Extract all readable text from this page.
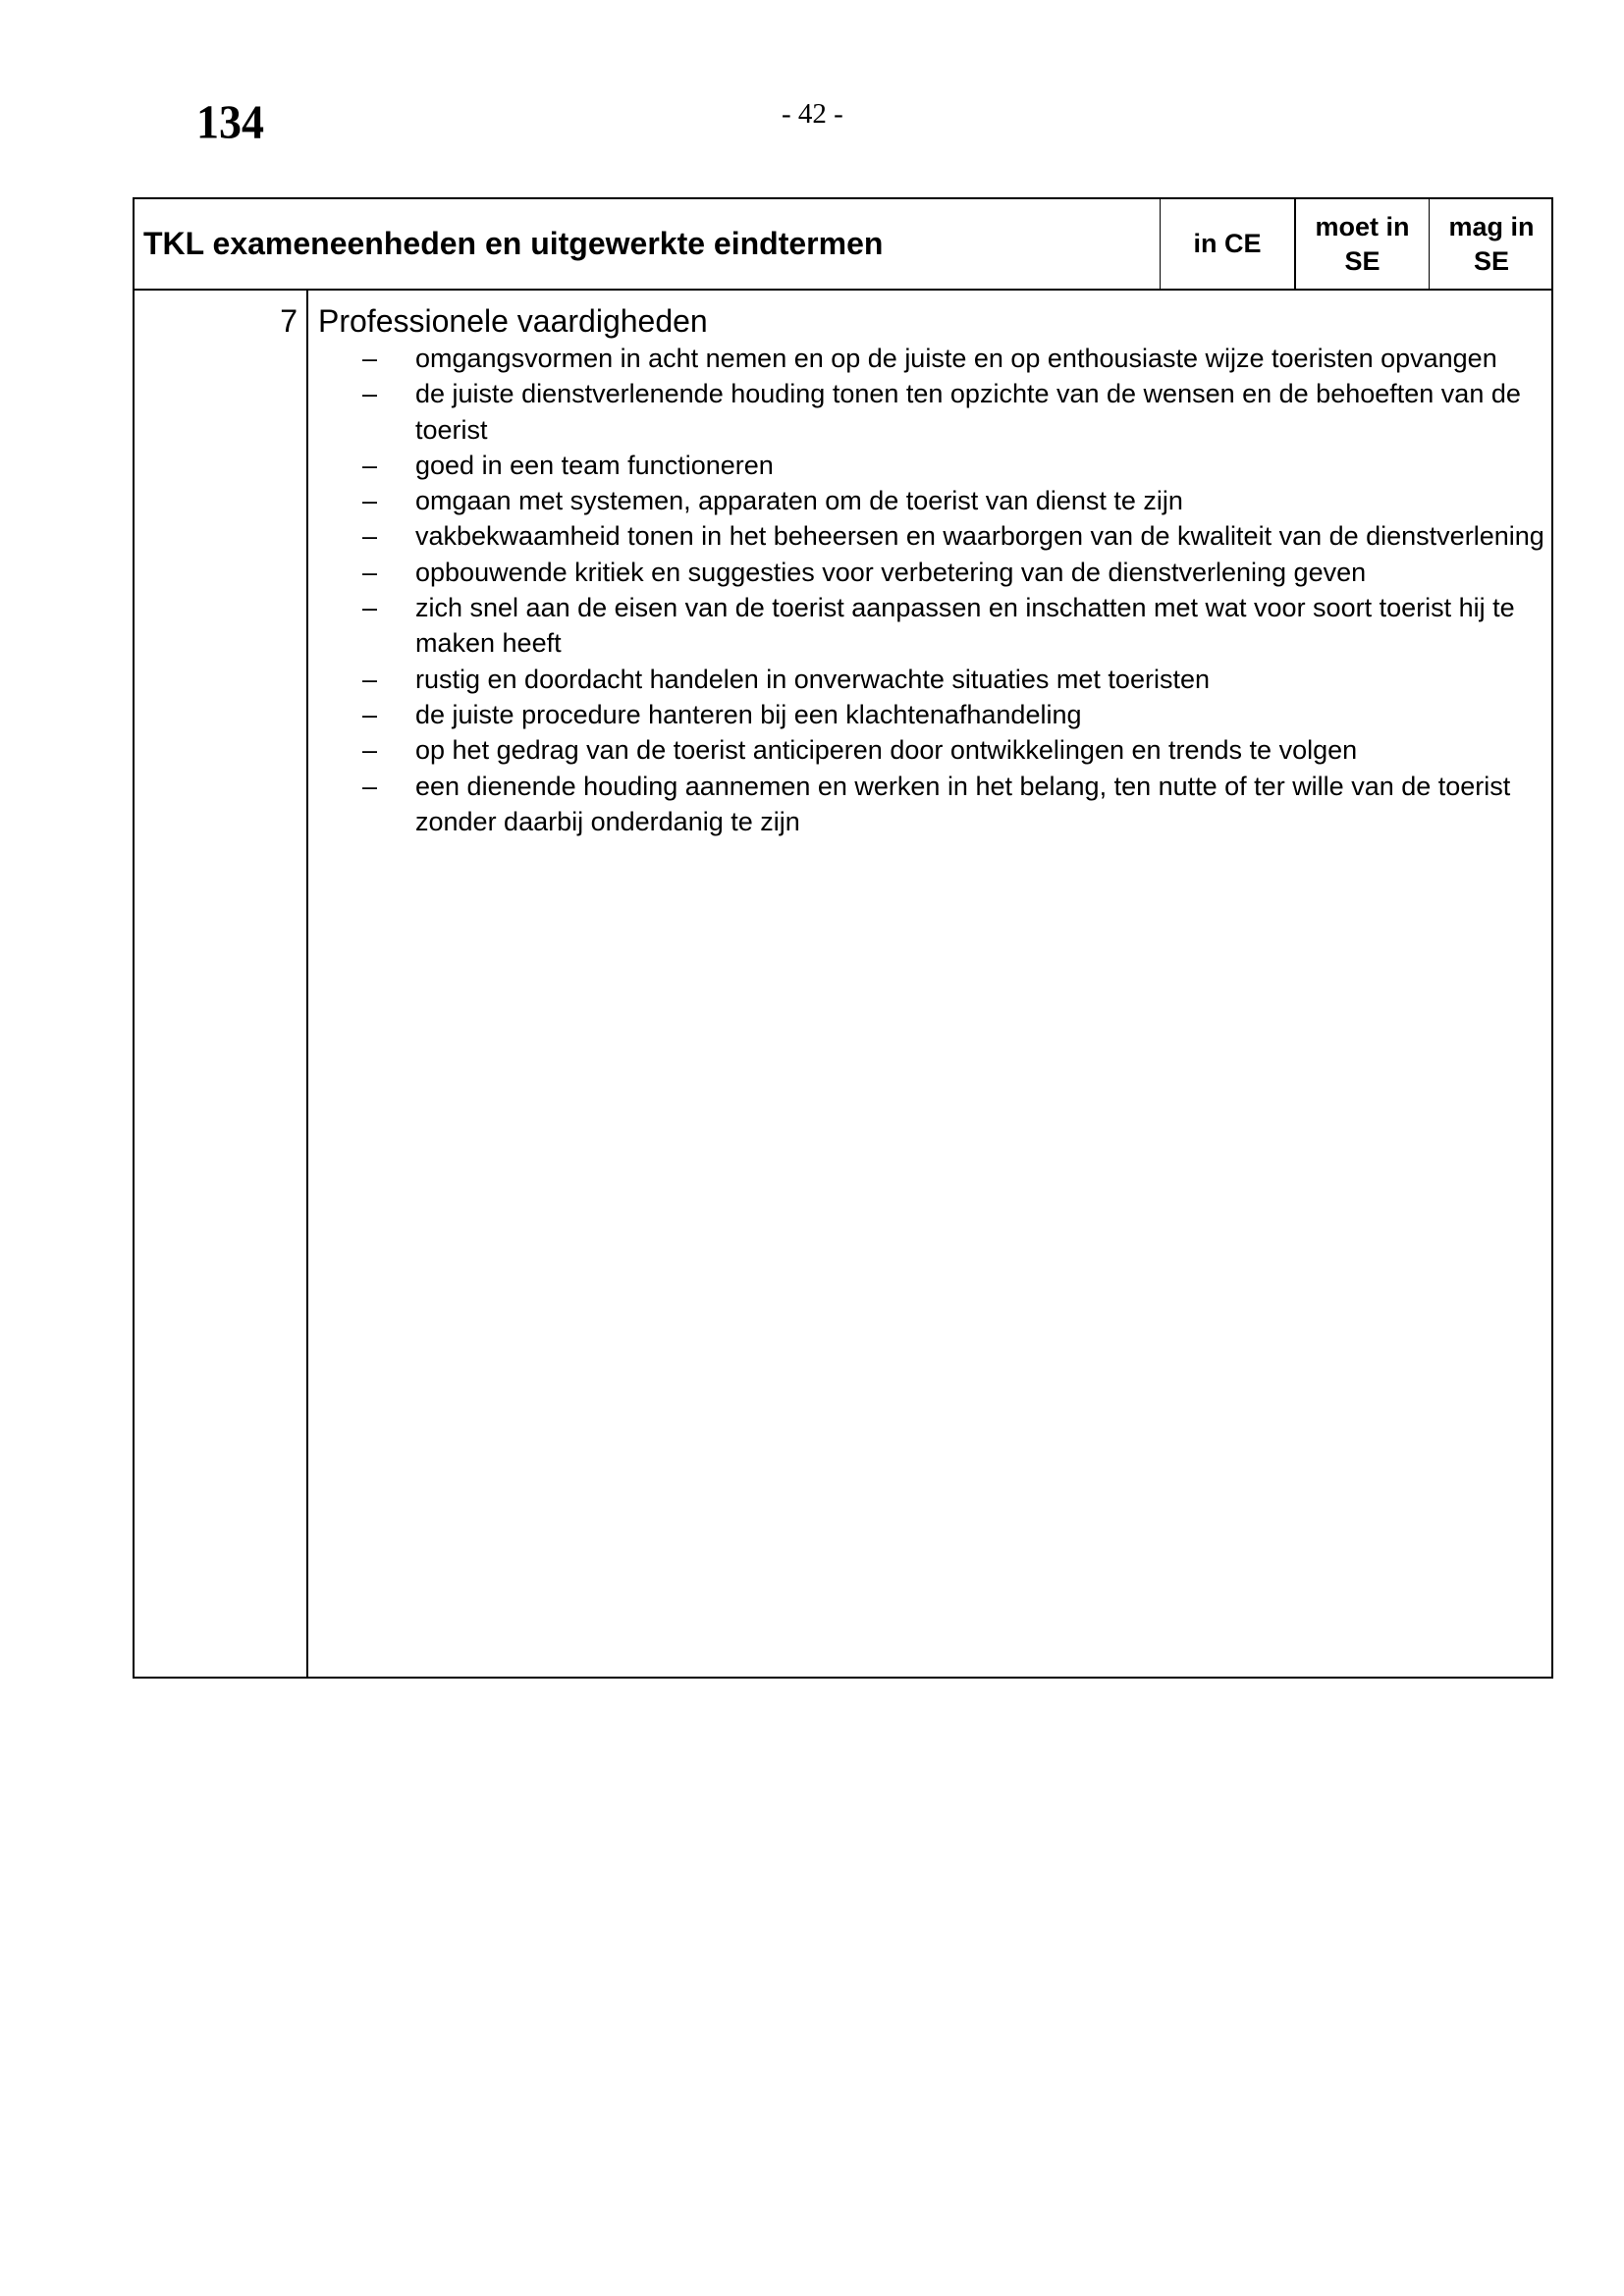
134	- 42 -
TKL exameneenheden en uitgewerkte eindtermen	in CE
moet in
SE
mag in
SE
7 Professionele vaardigheden
– omgangsvormen in acht nemen en op de juiste en op enthousiaste wijze toeristen opvangen
– de juiste dienstverlenende houding tonen ten opzichte van de wensen en de behoeften van de toerist
– goed in een team functioneren
– omgaan met systemen, apparaten om de toerist van dienst te zijn
– vakbekwaamheid tonen in het beheersen en waarborgen van de kwaliteit van de dienstverlening
– opbouwende kritiek en suggesties voor verbetering van de dienstverlening geven
– zich snel aan de eisen van de toerist aanpassen en inschatten met wat voor soort toerist hij te maken heeft
– rustig en doordacht handelen in onverwachte situaties met toeristen
– de juiste procedure hanteren bij een klachtenafhandeling
– op het gedrag van de toerist anticiperen door ontwikkelingen en trends te volgen
– een dienende houding aannemen en werken in het belang, ten nutte of ter wille van de toerist zonder daarbij onderdanig te zijn
